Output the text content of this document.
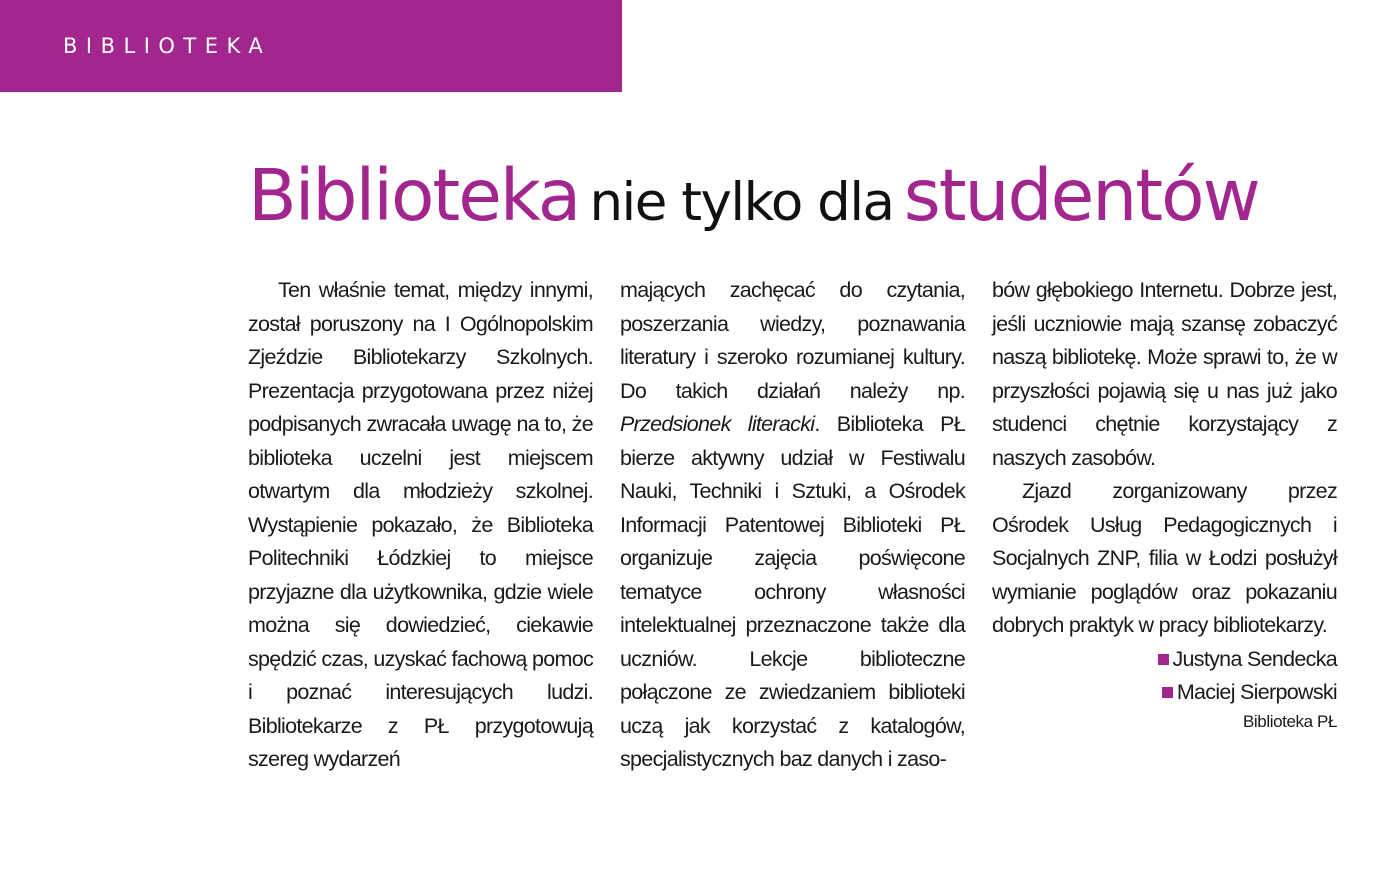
BIBLIOTEKA
Biblioteka nie tylko dla studentów

Ten właśnie temat, między innymi, został poruszony na I Ogólnopolskim Zjeździe Bibliotekarzy Szkolnych. Prezentacja przygotowana przez niżej podpisanych zwracała uwagę na to, że biblioteka uczelni jest miejscem otwartym dla młodzieży szkolnej. Wystąpienie pokazało, że Biblioteka Politechniki Łódzkiej to miejsce przyjazne dla użytkownika, gdzie wiele można się dowiedzieć, ciekawie spędzić czas, uzyskać fachową pomoc i poznać interesujących ludzi. Bibliotekarze z PŁ przygotowują szereg wydarzeń

mających zachęcać do czytania, poszerzania wiedzy, poznawania literatury i szeroko rozumianej kultury. Do takich działań należy np. Przedsionek literacki. Biblioteka PŁ bierze aktywny udział w Festiwalu Nauki, Techniki i Sztuki, a Ośrodek Informacji Patentowej Biblioteki PŁ organizuje zajęcia poświęcone tematyce ochrony własności intelektualnej przeznaczone także dla uczniów. Lekcje biblioteczne połączone ze zwiedzaniem biblioteki uczą jak korzystać z katalogów, specjalistycznych baz danych i zaso-

bów głębokiego Internetu. Dobrze jest, jeśli uczniowie mają szansę zobaczyć naszą bibliotekę. Może sprawi to, że w przyszłości pojawią się u nas już jako studenci chętnie korzystający z naszych zasobów.

Zjazd zorganizowany przez Ośrodek Usług Pedagogicznych i Socjalnych ZNP, filia w Łodzi posłużył wymianie poglądów oraz pokazaniu dobrych praktyk w pracy bibliotekarzy.

Justyna Sendecka
Maciej Sierpowski
Biblioteka PŁ
